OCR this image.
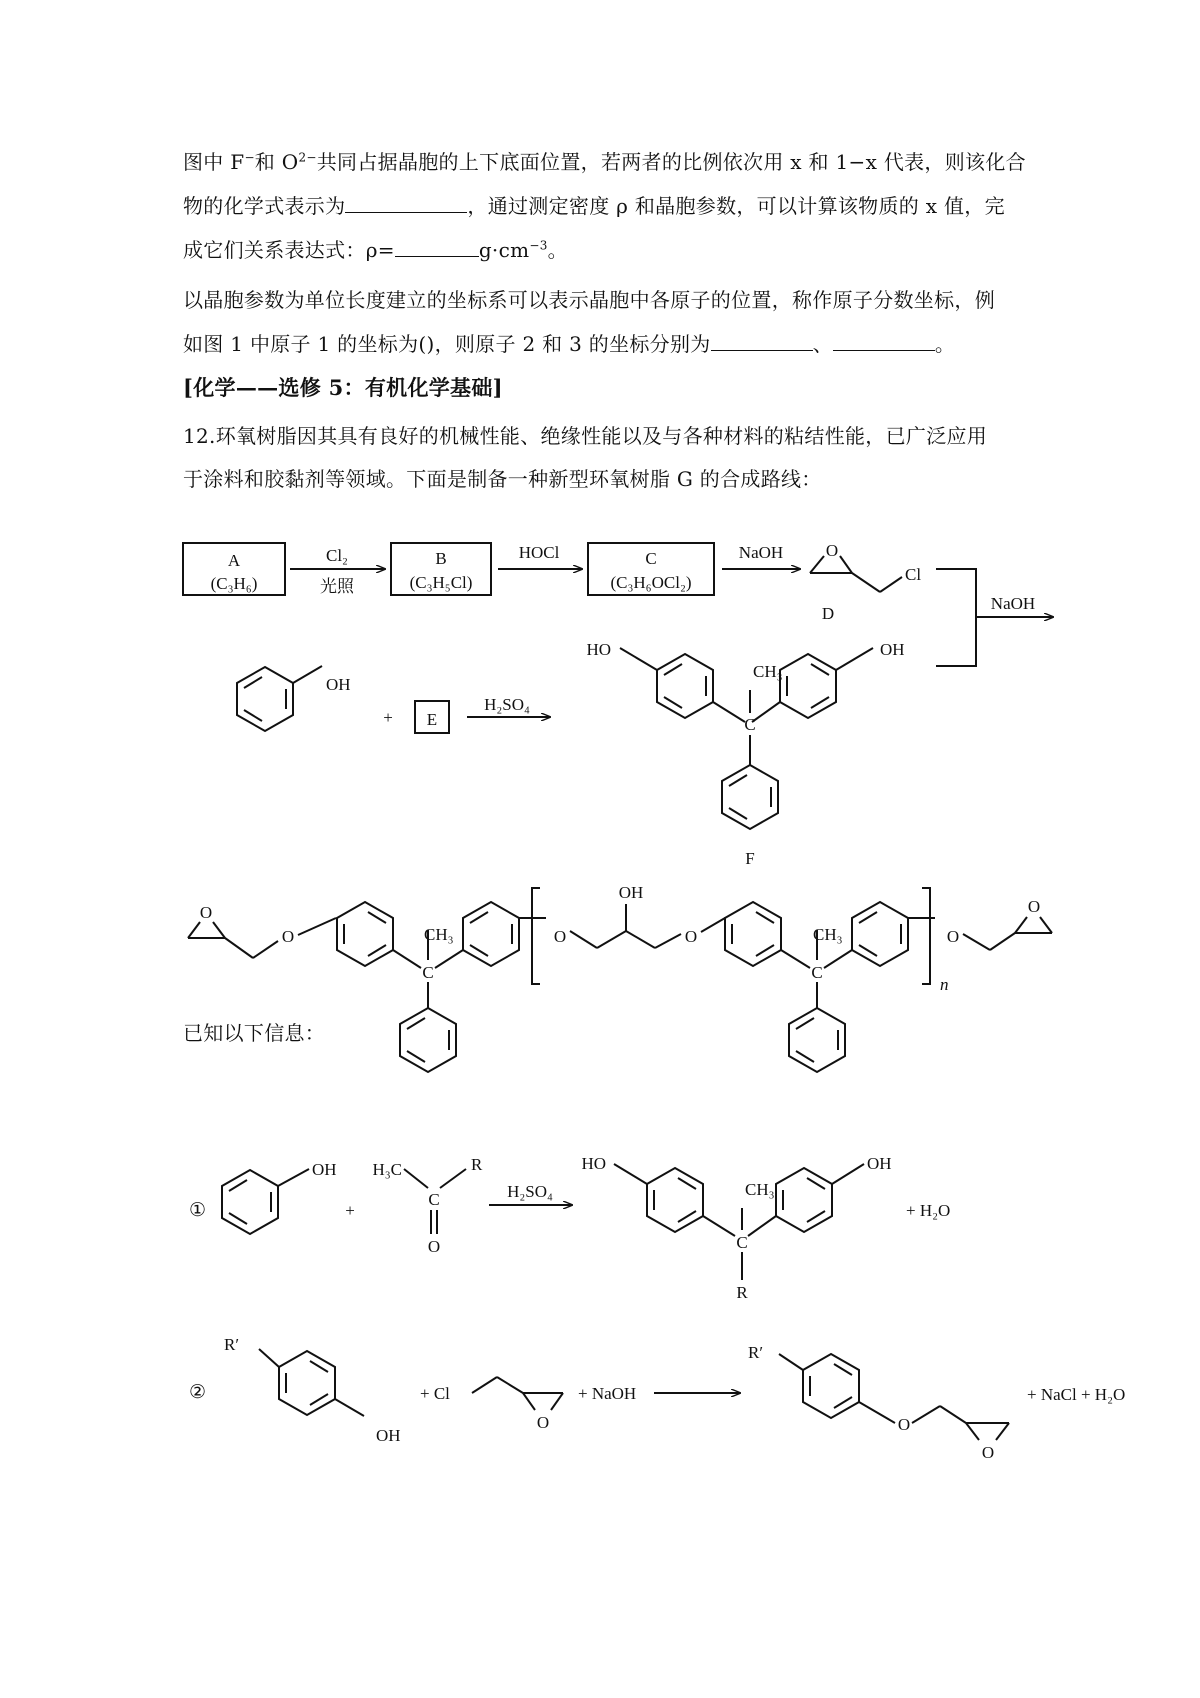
图中 F−和 $O^{2-}$共同占据晶胞的上下底面位置，若两者的比例依次用 x 和 1−x 代表，则该化合
物的化学式表示为	，通过测定密度 ρ 和晶胞参数，可以计算该物质的 x 值，完
成它们关系表达式：ρ=	$g\cdot cm^{-3}$。
以晶胞参数为单位长度建立的坐标系可以表示晶胞中各原子的位置，称作原子分数坐标，例
如图 1 中原子 1 的坐标为()，则原子 2 和 3 的坐标分别为	、	。
[化学——选修 5：有机化学基础]
12.环氧树脂因其具有良好的机械性能、绝缘性能以及与各种材料的粘结性能，已广泛应用
于涂料和胶黏剂等领域。下面是制备一种新型环氧树脂 G 的合成路线：
已知以下信息：
A
(C₃H₆)
Cl₂
光照
B
(C₃H₅Cl)
HOCl	C
(C₃H₆OCl₂)
NaOH	O
Cl
D
NaOH
OH
+ E
H₂SO₄
HO	OH
CH₃
C
F
O
O	CH₃
C
O
OH
O	CH₃
C
n
O
O
①
OH
+
H₃C	R
C
O
H₂SO₄
HO	OH
CH₃
C
R
+ H₂O
②
R′
OH
+ Cl
O
+ NaOH
R′
O
O
+ NaCl + H₂O
